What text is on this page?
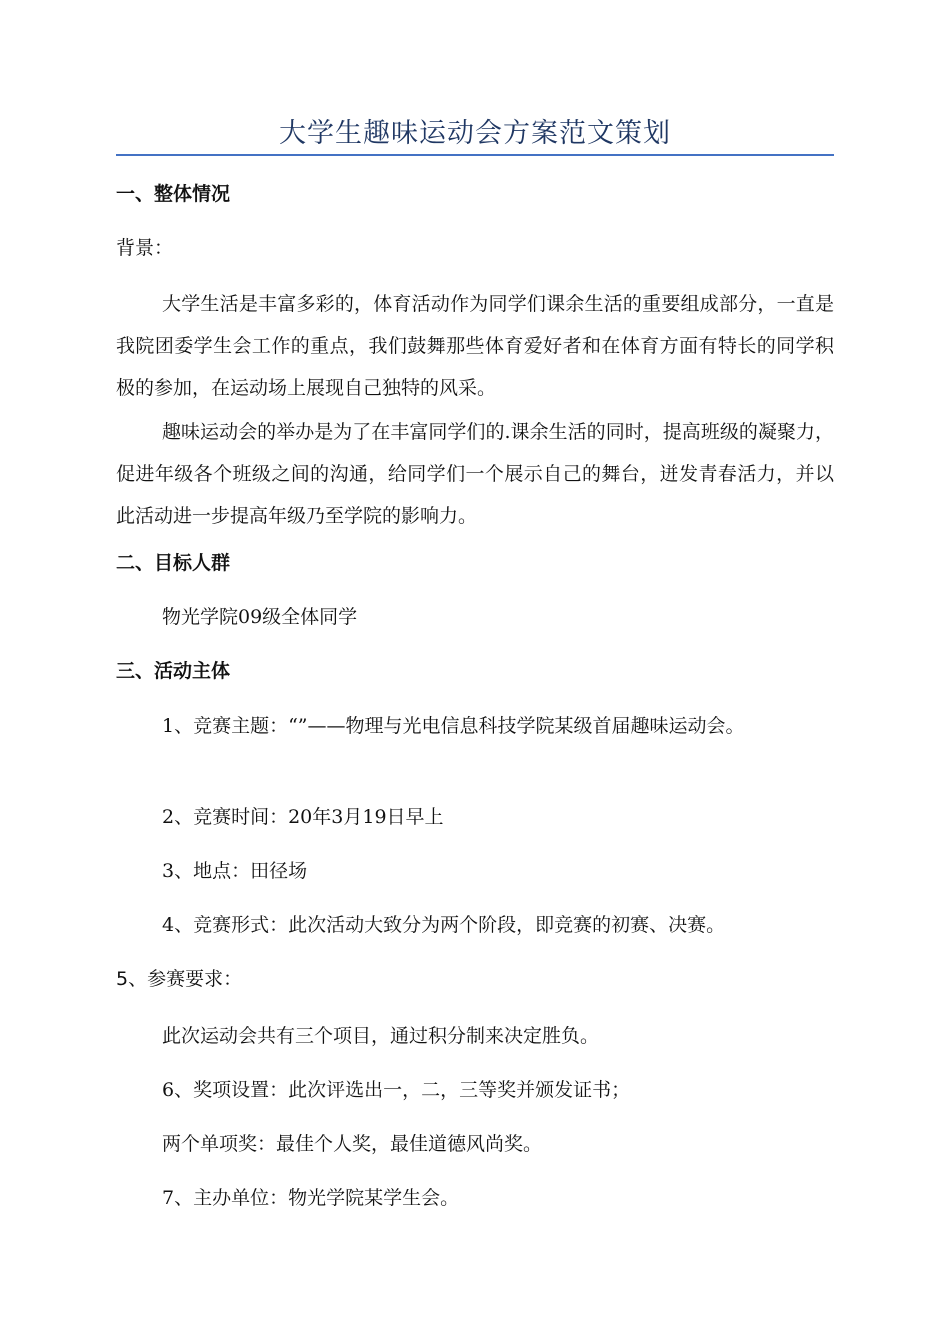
大学生趣味运动会方案范文策划
一、整体情况
背景：
大学生活是丰富多彩的，体育活动作为同学们课余生活的重要组成部分，一直是我院团委学生会工作的重点，我们鼓舞那些体育爱好者和在体育方面有特长的同学积极的参加，在运动场上展现自己独特的风采。
趣味运动会的举办是为了在丰富同学们的.课余生活的同时，提高班级的凝聚力，促进年级各个班级之间的沟通，给同学们一个展示自己的舞台，迸发青春活力，并以此活动进一步提高年级乃至学院的影响力。
二、目标人群
物光学院09级全体同学
三、活动主体
1、竞赛主题：“”——物理与光电信息科技学院某级首届趣味运动会。
2、竞赛时间：20年3月19日早上
3、地点：田径场
4、竞赛形式：此次活动大致分为两个阶段，即竞赛的初赛、决赛。
5、参赛要求：
此次运动会共有三个项目，通过积分制来决定胜负。
6、奖项设置：此次评选出一，二，三等奖并颁发证书；
两个单项奖：最佳个人奖，最佳道德风尚奖。
7、主办单位：物光学院某学生会。
